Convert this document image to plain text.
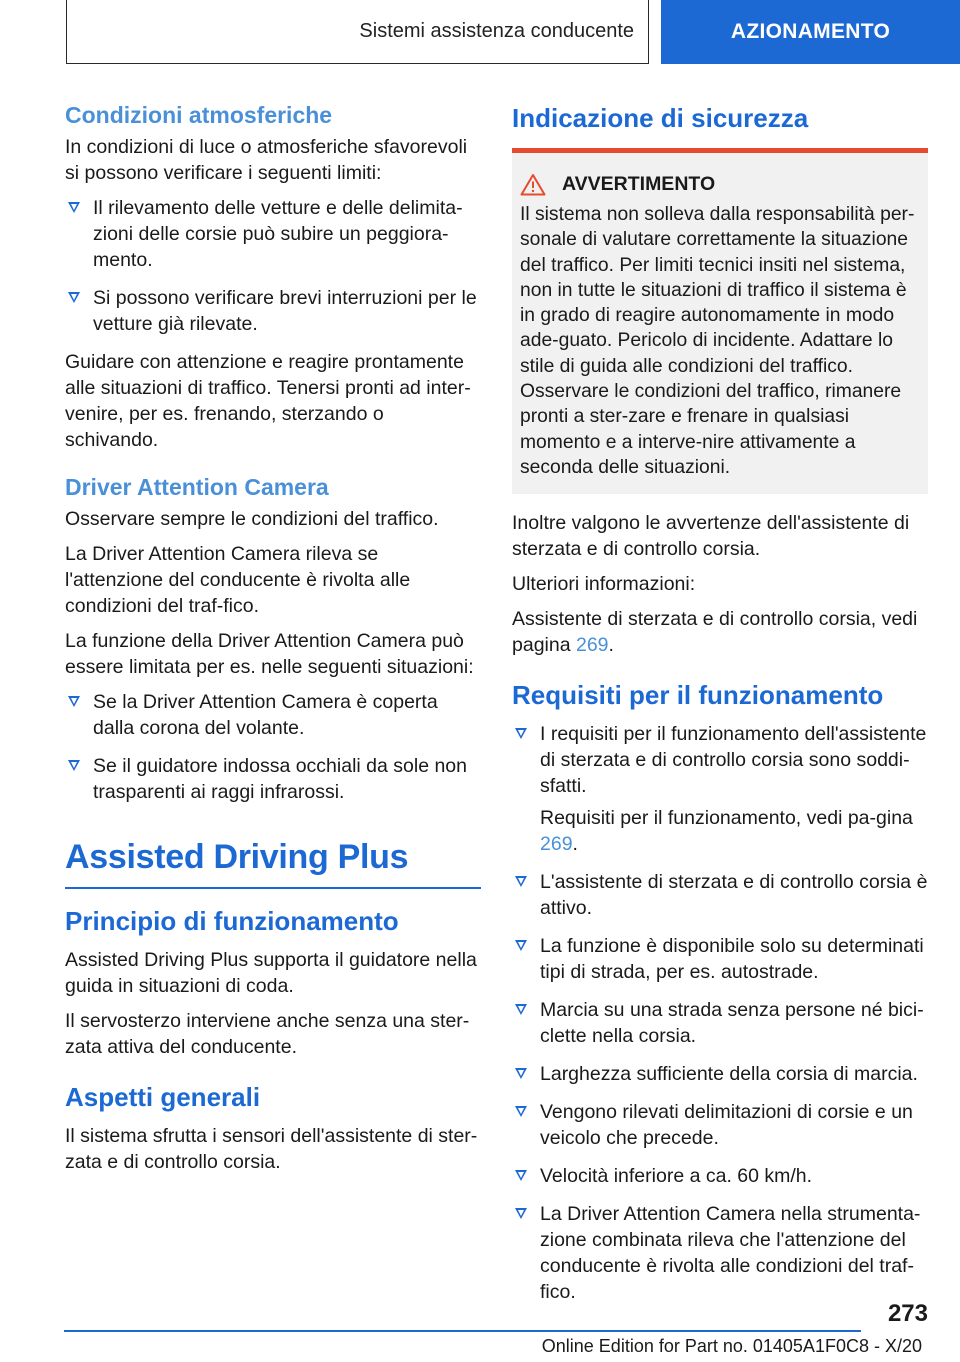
Sistemi assistenza conducente	AZIONAMENTO
Condizioni atmosferiche

In condizioni di luce o atmosferiche sfavorevoli si possono verificare i seguenti limiti:

Il rilevamento delle vetture e delle delimita-zioni delle corsie può subire un peggiora-mento.
Si possono verificare brevi interruzioni per le vetture già rilevate.

Guidare con attenzione e reagire prontamente alle situazioni di traffico. Tenersi pronti ad inter-venire, per es. frenando, sterzando o schivando.

Driver Attention Camera

Osservare sempre le condizioni del traffico.

La Driver Attention Camera rileva se l'attenzione del conducente è rivolta alle condizioni del traf-fico.

La funzione della Driver Attention Camera può essere limitata per es. nelle seguenti situazioni:

Se la Driver Attention Camera è coperta dalla corona del volante.
Se il guidatore indossa occhiali da sole non trasparenti ai raggi infrarossi.
Assisted Driving Plus
Principio di funzionamento

Assisted Driving Plus supporta il guidatore nella guida in situazioni di coda.

Il servosterzo interviene anche senza una ster-zata attiva del conducente.

Aspetti generali

Il sistema sfrutta i sensori dell'assistente di ster-zata e di controllo corsia.

Indicazione di sicurezza
AVVERTIMENTO

Il sistema non solleva dalla responsabilità per-sonale di valutare correttamente la situazione del traffico. Per limiti tecnici insiti nel sistema, non in tutte le situazioni di traffico il sistema è in grado di reagire autonomamente in modo ade-guato. Pericolo di incidente. Adattare lo stile di guida alle condizioni del traffico. Osservare le condizioni del traffico, rimanere pronti a ster-zare e frenare in qualsiasi momento e a interve-nire attivamente a seconda delle situazioni.

Inoltre valgono le avvertenze dell'assistente di sterzata e di controllo corsia.

Ulteriori informazioni:

Assistente di sterzata e di controllo corsia, vedi pagina 269.

Requisiti per il funzionamento
I requisiti per il funzionamento dell'assistente di sterzata e di controllo corsia sono soddi-sfatti.
Requisiti per il funzionamento, vedi pa-gina 269.
L'assistente di sterzata e di controllo corsia è attivo.
La funzione è disponibile solo su determinati tipi di strada, per es. autostrade.
Marcia su una strada senza persone né bici-clette nella corsia.
Larghezza sufficiente della corsia di marcia.
Vengono rilevati delimitazioni di corsie e un veicolo che precede.
Velocità inferiore a ca. 60 km/h.
La Driver Attention Camera nella strumenta-zione combinata rileva che l'attenzione del conducente è rivolta alle condizioni del traf-fico.
273
Online Edition for Part no. 01405A1F0C8 - X/20
